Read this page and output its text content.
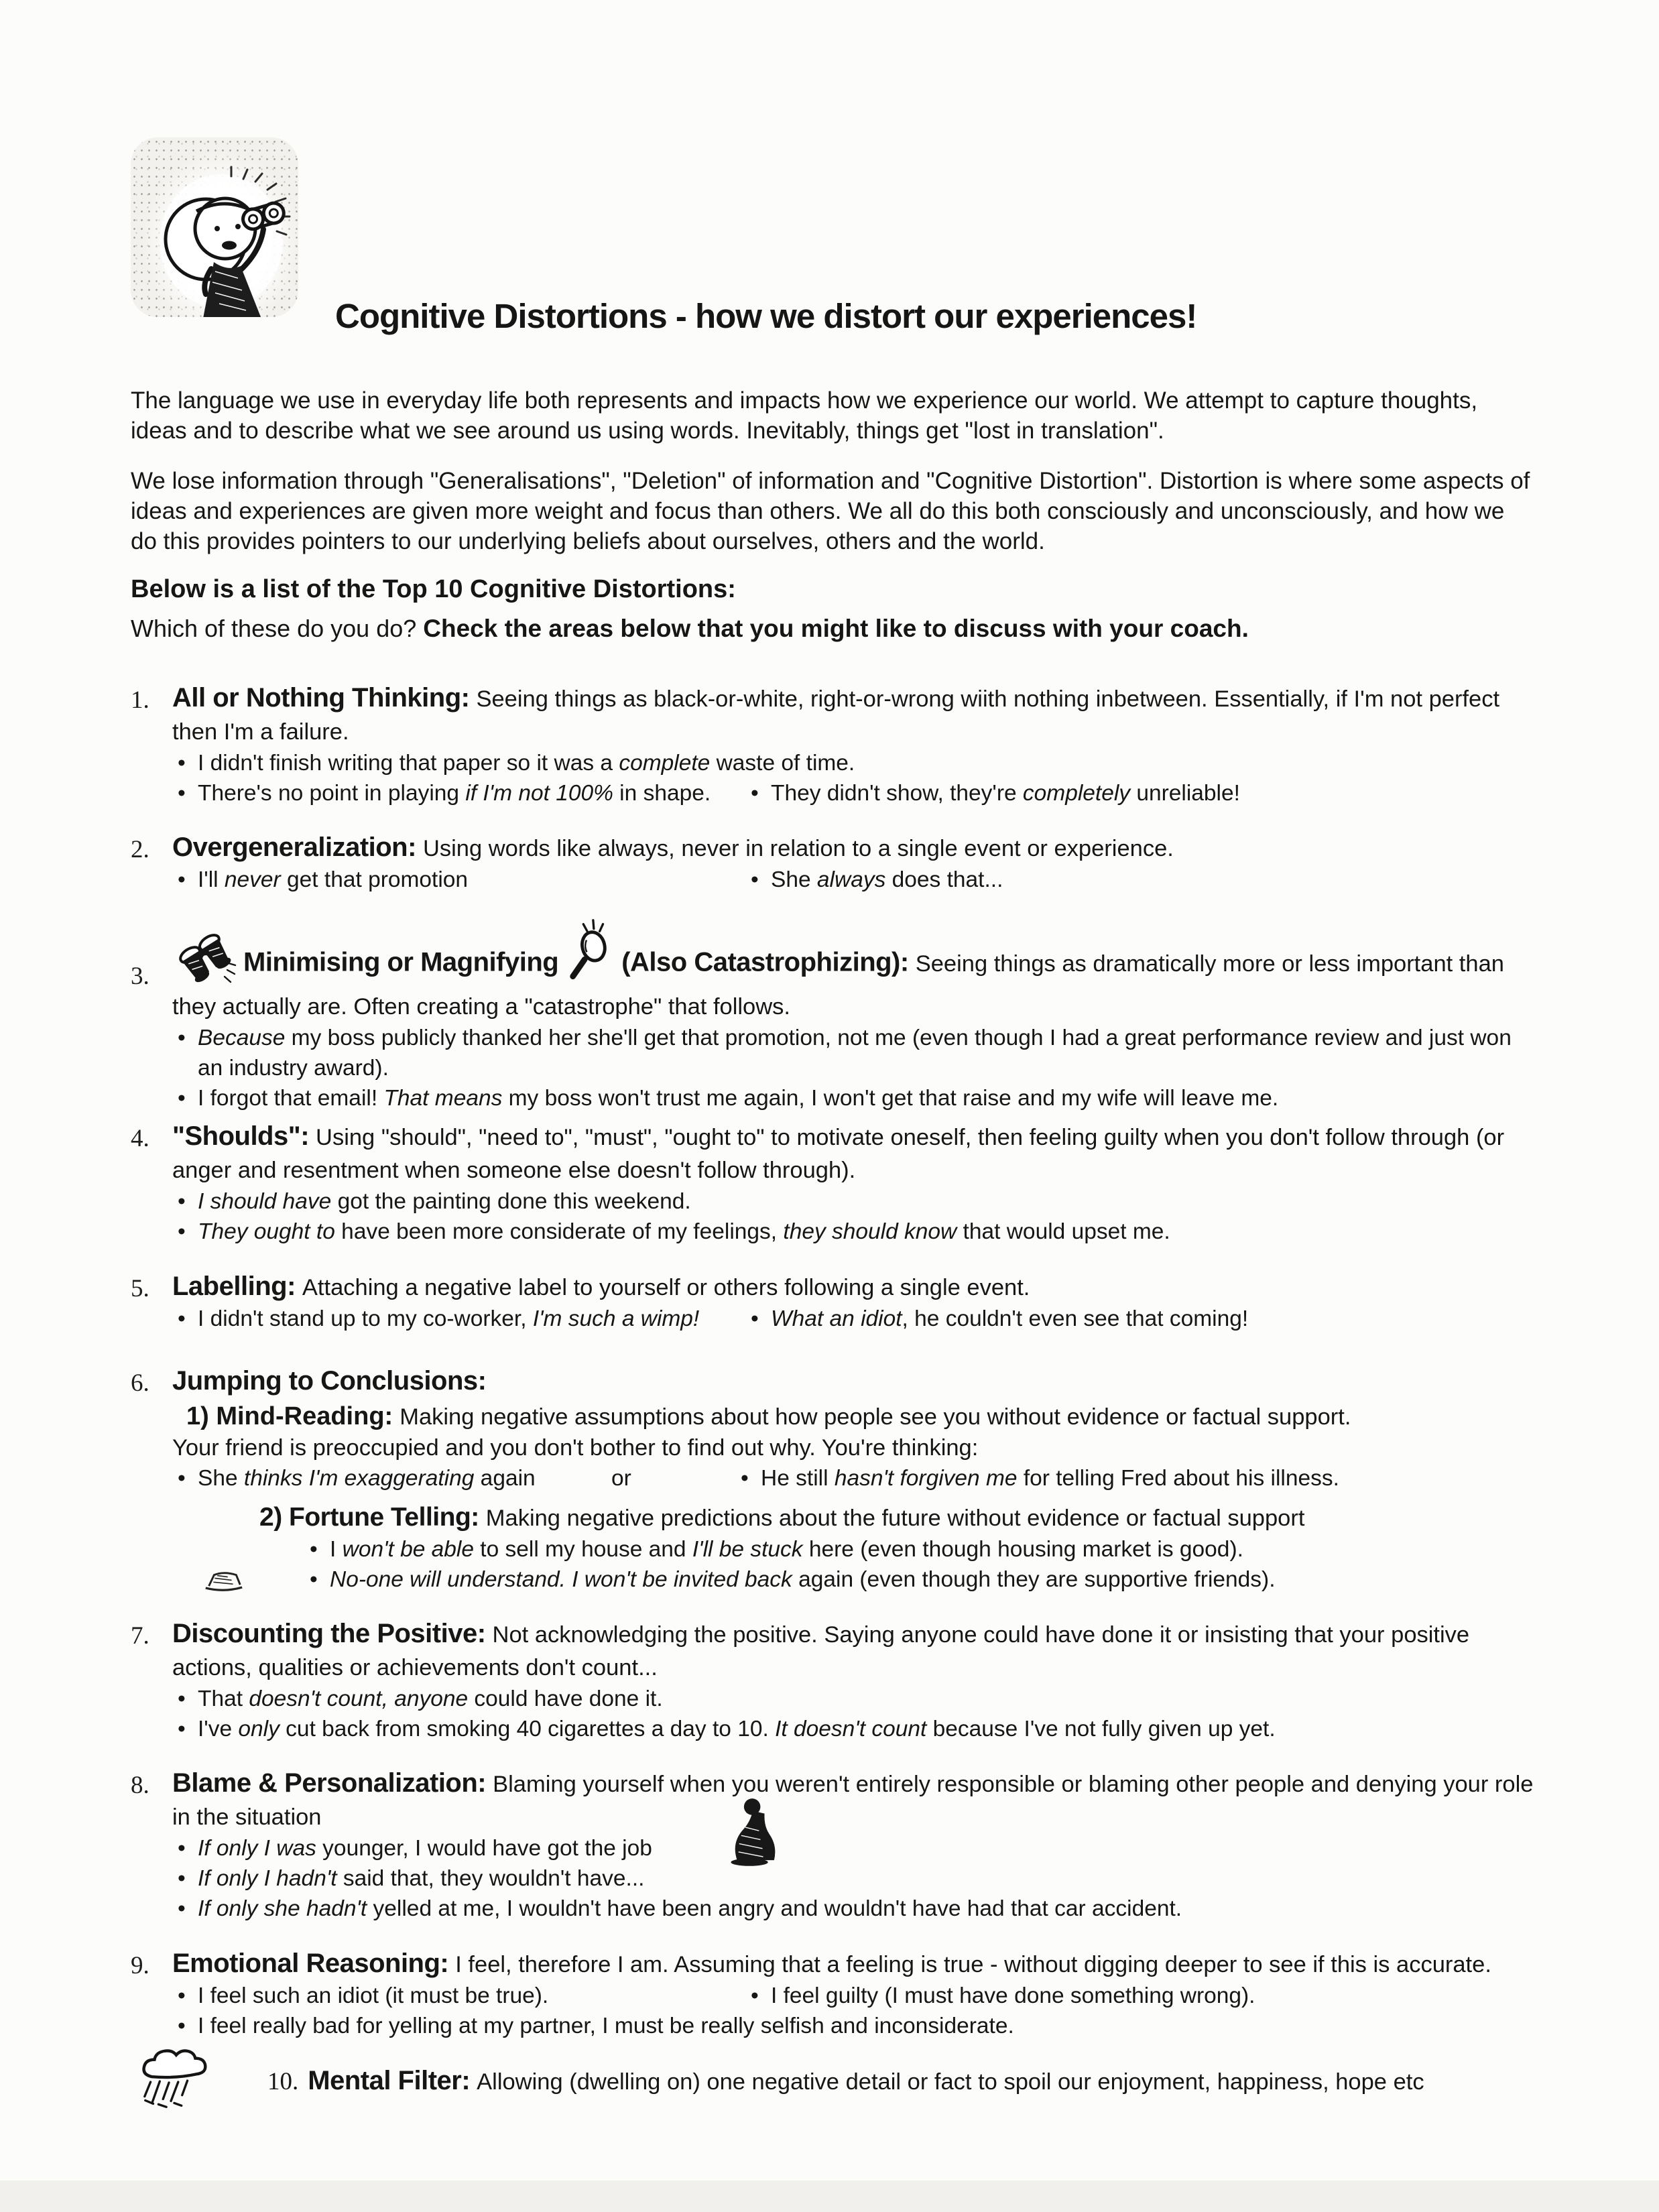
Cognitive Distortions - how we distort our experiences!

The language we use in everyday life both represents and impacts how we experience our world. We attempt to capture thoughts, ideas and to describe what we see around us using words. Inevitably, things get "lost in translation".

We lose information through "Generalisations", "Deletion" of information and "Cognitive Distortion". Distortion is where some aspects of ideas and experiences are given more weight and focus than others. We all do this both consciously and unconsciously, and how we do this provides pointers to our underlying beliefs about ourselves, others and the world.

Below is a list of the Top 10 Cognitive Distortions:
Which of these do you do? Check the areas below that you might like to discuss with your coach.
1. All or Nothing Thinking: Seeing things as black-or-white, right-or-wrong wiith nothing inbetween. Essentially, if I'm not perfect then I'm a failure.

• I didn't finish writing that paper so it was a complete waste of time.
• There's no point in playing if I'm not 100% in shape.	• They didn't show, they're completely unreliable!
2. Overgeneralization: Using words like always, never in relation to a single event or experience.

• I'll never get that promotion	• She always does that...
3.	Minimising or Magnifying (Also Catastrophizing): Seeing things as dramatically more or less important than they actually are. Often creating a "catastrophe" that follows.

• Because my boss publicly thanked her she'll get that promotion, not me (even though I had a great performance review and just won an industry award).
• I forgot that email! That means my boss won't trust me again, I won't get that raise and my wife will leave me.
4. "Shoulds": Using "should", "need to", "must", "ought to" to motivate oneself, then feeling guilty when you don't follow through (or anger and resentment when someone else doesn't follow through).

• I should have got the painting done this weekend.
• They ought to have been more considerate of my feelings, they should know that would upset me.
5. Labelling: Attaching a negative label to yourself or others following a single event.

• I didn't stand up to my co-worker, I'm such a wimp!	• What an idiot, he couldn't even see that coming!
6. Jumping to Conclusions:

1) Mind-Reading: Making negative assumptions about how people see you without evidence or factual support.
Your friend is preoccupied and you don't bother to find out why. You're thinking:
• She thinks I'm exaggerating again	or	• He still hasn't forgiven me for telling Fred about his illness.
2) Fortune Telling: Making negative predictions about the future without evidence or factual support
• I won't be able to sell my house and I'll be stuck here (even though housing market is good).
• No-one will understand. I won't be invited back again (even though they are supportive friends).
7. Discounting the Positive: Not acknowledging the positive. Saying anyone could have done it or insisting that your positive actions, qualities or achievements don't count...

• That doesn't count, anyone could have done it.
• I've only cut back from smoking 40 cigarettes a day to 10. It doesn't count because I've not fully given up yet.
8. Blame & Personalization: Blaming yourself when you weren't entirely responsible or blaming other people and denying your role in the situation

• If only I was younger, I would have got the job
• If only I hadn't said that, they wouldn't have...
• If only she hadn't yelled at me, I wouldn't have been angry and wouldn't have had that car accident.
9. Emotional Reasoning: I feel, therefore I am. Assuming that a feeling is true - without digging deeper to see if this is accurate.

• I feel such an idiot (it must be true).	• I feel guilty (I must have done something wrong).
• I feel really bad for yelling at my partner, I must be really selfish and inconsiderate.
10. Mental Filter: Allowing (dwelling on) one negative detail or fact to spoil our enjoyment, happiness, hope etc
